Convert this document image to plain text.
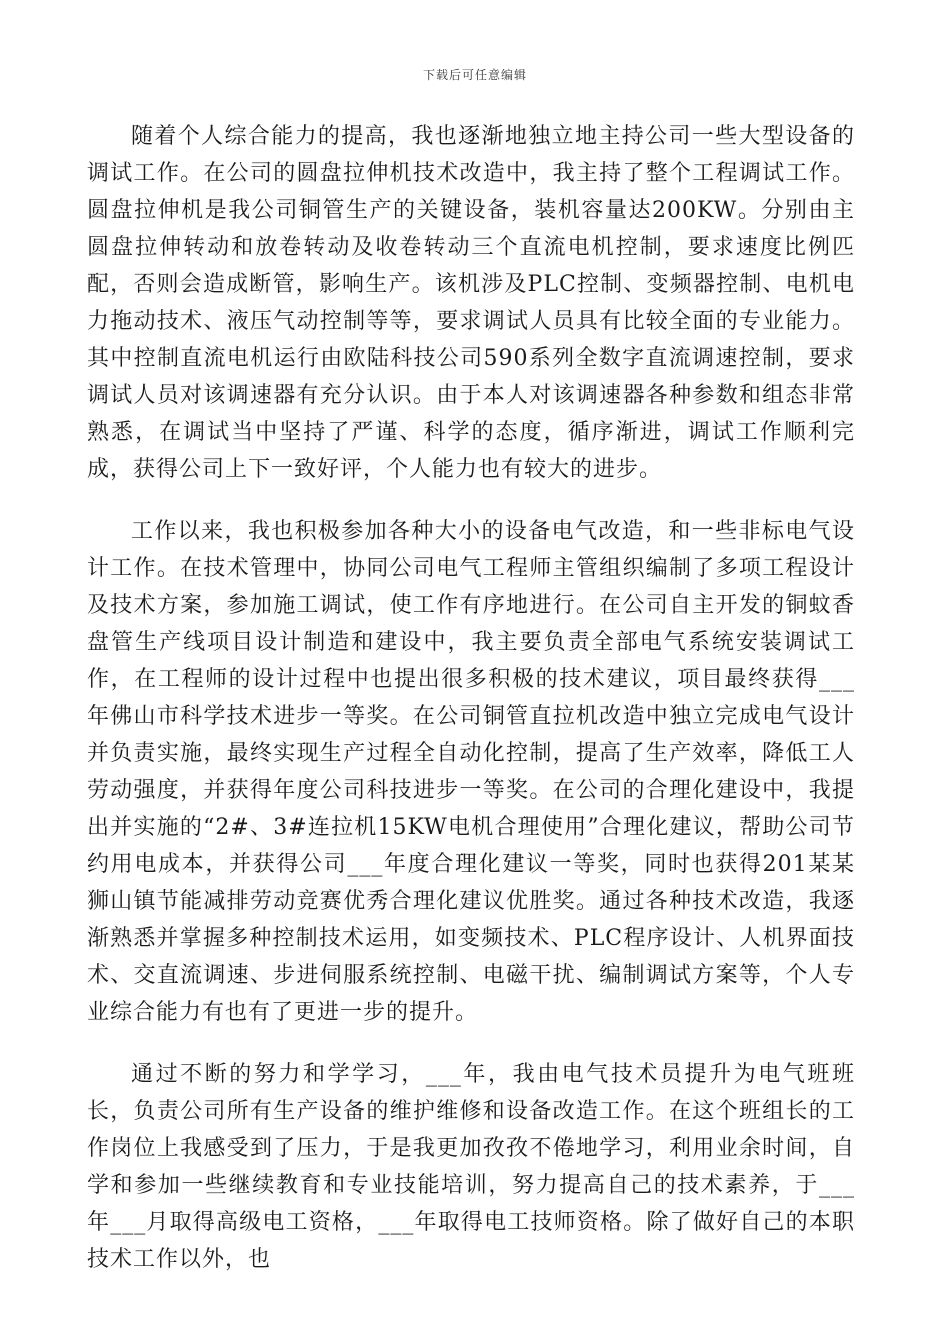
下载后可任意编辑

随着个人综合能力的提高，我也逐渐地独立地主持公司一些大型设备的调试工作。在公司的圆盘拉伸机技术改造中，我主持了整个工程调试工作。圆盘拉伸机是我公司铜管生产的关键设备，装机容量达200KW。分别由主圆盘拉伸转动和放卷转动及收卷转动三个直流电机控制，要求速度比例匹配，否则会造成断管，影响生产。该机涉及PLC控制、变频器控制、电机电力拖动技术、液压气动控制等等，要求调试人员具有比较全面的专业能力。其中控制直流电机运行由欧陆科技公司590系列全数字直流调速控制，要求调试人员对该调速器有充分认识。由于本人对该调速器各种参数和组态非常熟悉，在调试当中坚持了严谨、科学的态度，循序渐进，调试工作顺利完成，获得公司上下一致好评，个人能力也有较大的进步。

工作以来，我也积极参加各种大小的设备电气改造，和一些非标电气设计工作。在技术管理中，协同公司电气工程师主管组织编制了多项工程设计及技术方案，参加施工调试，使工作有序地进行。在公司自主开发的铜蚊香盘管生产线项目设计制造和建设中，我主要负责全部电气系统安装调试工作，在工程师的设计过程中也提出很多积极的技术建议，项目最终获得___年佛山市科学技术进步一等奖。在公司铜管直拉机改造中独立完成电气设计并负责实施，最终实现生产过程全自动化控制，提高了生产效率，降低工人劳动强度，并获得年度公司科技进步一等奖。在公司的合理化建设中，我提出并实施的“2#、3#连拉机15KW电机合理使用”合理化建议，帮助公司节约用电成本，并获得公司___年度合理化建议一等奖，同时也获得201某某狮山镇节能减排劳动竞赛优秀合理化建议优胜奖。通过各种技术改造，我逐渐熟悉并掌握多种控制技术运用，如变频技术、PLC程序设计、人机界面技术、交直流调速、步进伺服系统控制、电磁干扰、编制调试方案等，个人专业综合能力有也有了更进一步的提升。

通过不断的努力和学学习，___年，我由电气技术员提升为电气班班长，负责公司所有生产设备的维护维修和设备改造工作。在这个班组长的工作岗位上我感受到了压力，于是我更加孜孜不倦地学习，利用业余时间，自学和参加一些继续教育和专业技能培训，努力提高自己的技术素养，于___年___月取得高级电工资格，___年取得电工技师资格。除了做好自己的本职技术工作以外，也
